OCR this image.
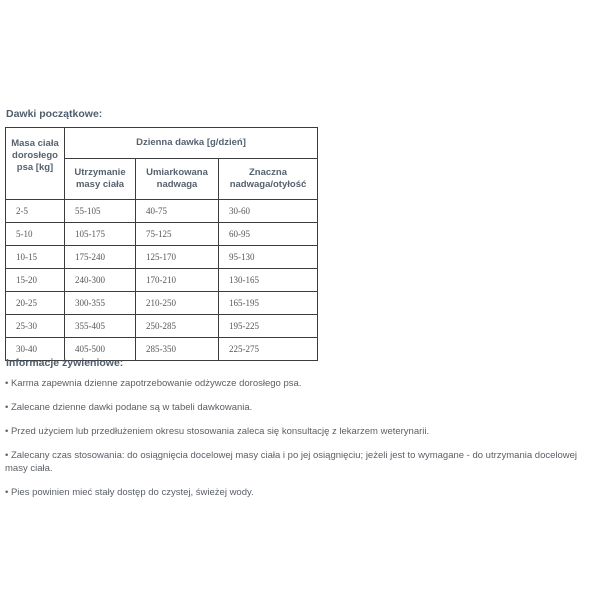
Dawki początkowe:
Masa ciała dorosłego psa [kg]	Dzienna dawka [g/dzień]		
	Utrzymanie masy ciała	Umiarkowana nadwaga	Znaczna nadwaga/otyłość
2-5	55-105	40-75	30-60
5-10	105-175	75-125	60-95
10-15	175-240	125-170	95-130
15-20	240-300	170-210	130-165
20-25	300-355	210-250	165-195
25-30	355-405	250-285	195-225
30-40	405-500	285-350	225-275
Informacje żywieniowe:
• Karma zapewnia dzienne zapotrzebowanie odżywcze dorosłego psa.
• Zalecane dzienne dawki podane są w tabeli dawkowania.
• Przed użyciem lub przedłużeniem okresu stosowania zaleca się konsultację z lekarzem weterynarii.
• Zalecany czas stosowania: do osiągnięcia docelowej masy ciała i po jej osiągnięciu; jeżeli jest to wymagane - do utrzymania docelowej masy ciała.
• Pies powinien mieć stały dostęp do czystej, świeżej wody.
